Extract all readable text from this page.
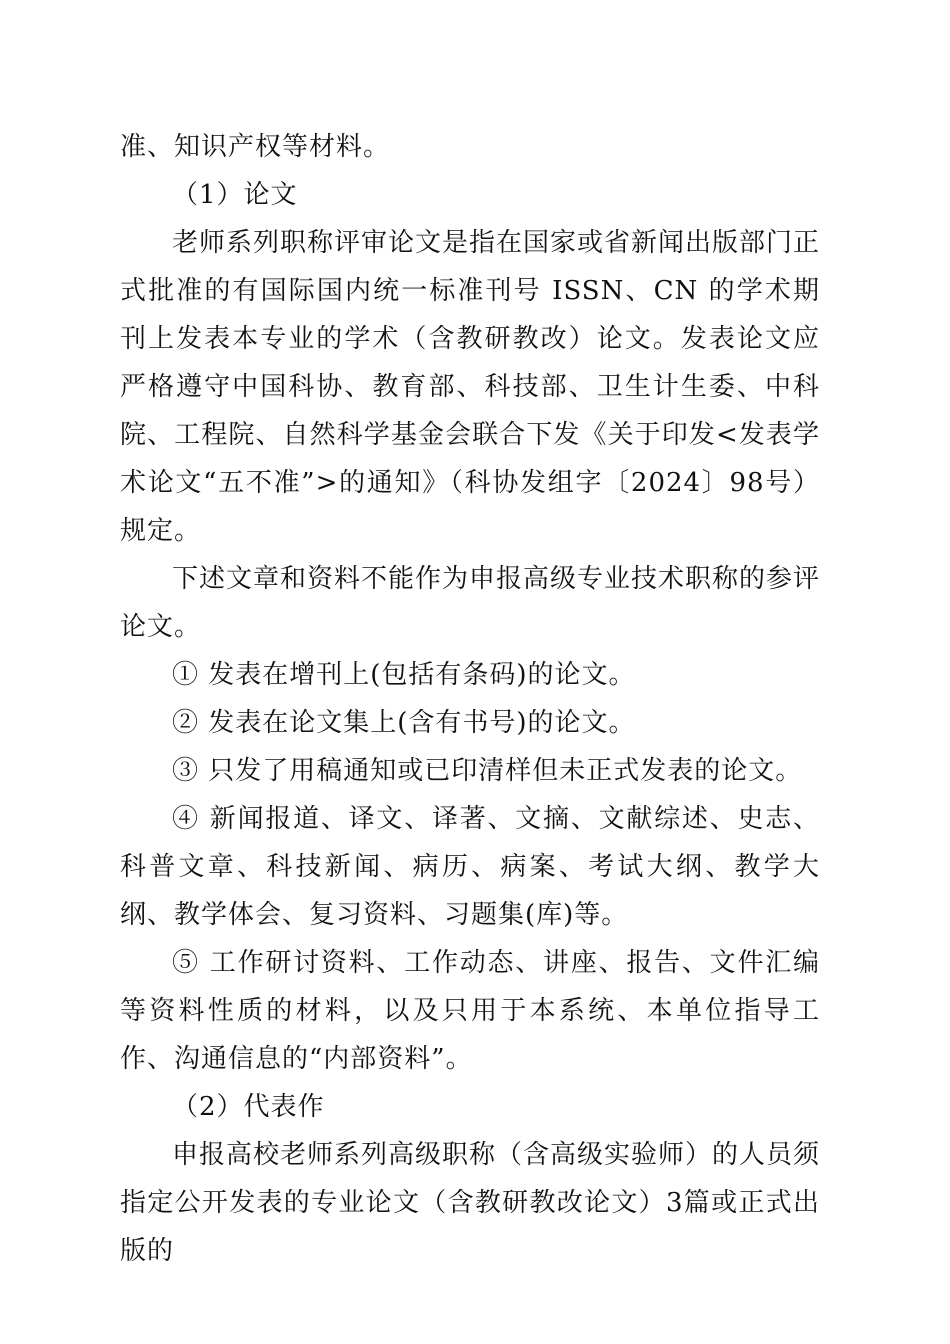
准、知识产权等材料。

（1）论文

老师系列职称评审论文是指在国家或省新闻出版部门正式批准的有国际国内统一标准刊号 ISSN、CN 的学术期刊上发表本专业的学术（含教研教改）论文。发表论文应严格遵守中国科协、教育部、科技部、卫生计生委、中科院、工程院、自然科学基金会联合下发《关于印发<发表学术论文“五不准”>的通知》（科协发组字〔2024〕98号）规定。

下述文章和资料不能作为申报高级专业技术职称的参评论文。

① 发表在增刊上(包括有条码)的论文。

② 发表在论文集上(含有书号)的论文。

③ 只发了用稿通知或已印清样但未正式发表的论文。

④ 新闻报道、译文、译著、文摘、文献综述、史志、科普文章、科技新闻、病历、病案、考试大纲、教学大纲、教学体会、复习资料、习题集(库)等。

⑤ 工作研讨资料、工作动态、讲座、报告、文件汇编等资料性质的材料，以及只用于本系统、本单位指导工作、沟通信息的“内部资料”。

（2）代表作

申报高校老师系列高级职称（含高级实验师）的人员须指定公开发表的专业论文（含教研教改论文）3篇或正式出版的
